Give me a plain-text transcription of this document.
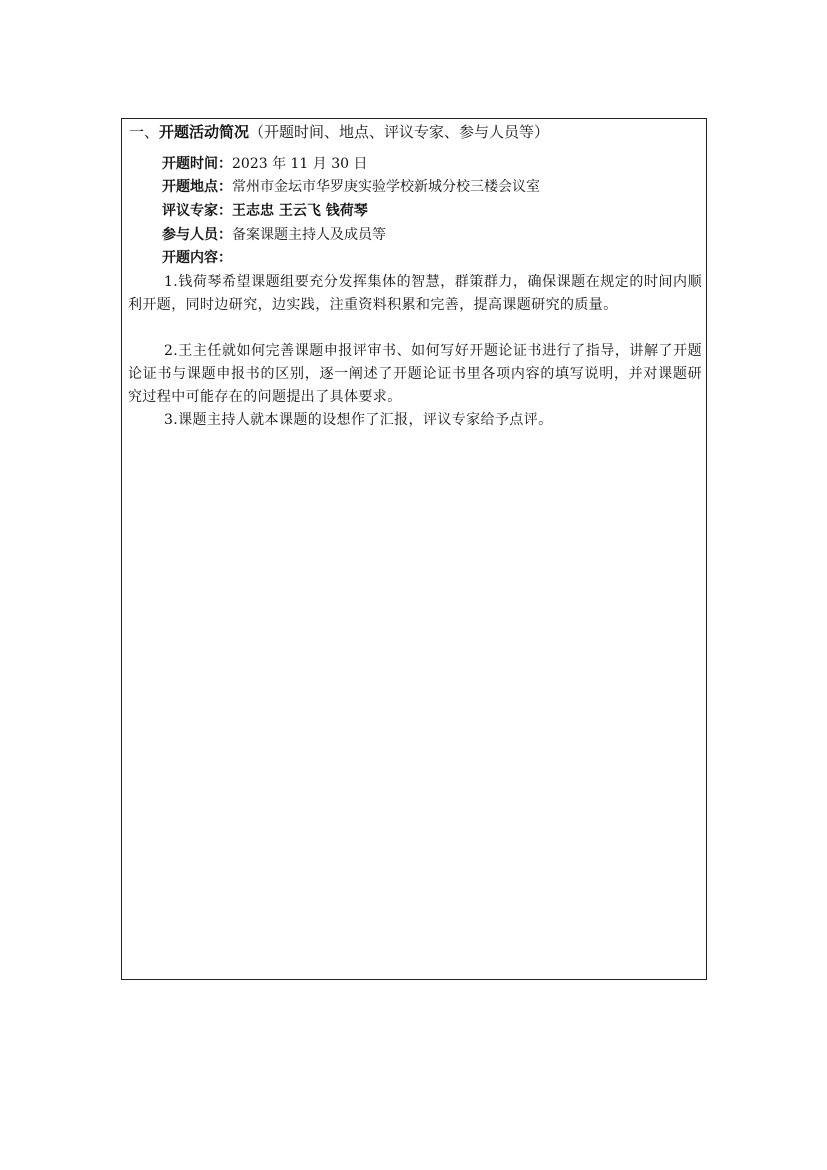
一、开题活动简况（开题时间、地点、评议专家、参与人员等）
开题时间：2023 年 11 月 30 日
开题地点：常州市金坛市华罗庚实验学校新城分校三楼会议室
评议专家：王志忠 王云飞 钱荷琴
参与人员：备案课题主持人及成员等
开题内容：
1.钱荷琴希望课题组要充分发挥集体的智慧，群策群力，确保课题在规定的时间内顺利开题，同时边研究，边实践，注重资料积累和完善，提高课题研究的质量。
2.王主任就如何完善课题申报评审书、如何写好开题论证书进行了指导，讲解了开题论证书与课题申报书的区别，逐一阐述了开题论证书里各项内容的填写说明，并对课题研究过程中可能存在的问题提出了具体要求。
3.课题主持人就本课题的设想作了汇报，评议专家给予点评。
